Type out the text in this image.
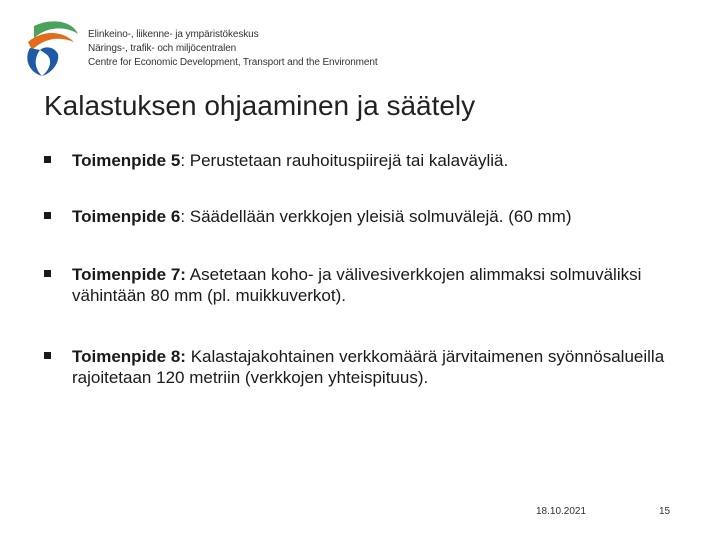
Elinkeino-, liikenne- ja ympäristökeskus
Närings-, trafik- och miljöcentralen
Centre for Economic Development, Transport and the Environment
Kalastuksen ohjaaminen ja säätely
Toimenpide 5: Perustetaan rauhoituspiirejä tai kalaväyliä.
Toimenpide 6: Säädellään verkkojen yleisiä solmuvälejä. (60 mm)
Toimenpide 7: Asetetaan koho- ja välivesiverkkojen alimmaksi solmuväliksi vähintään 80 mm (pl. muikkuverkot).
Toimenpide 8: Kalastajakohtainen verkkomäärä järvitaimenen syönnösalueilla rajoitetaan 120 metriin (verkkojen yhteispituus).
18.10.2021	15
